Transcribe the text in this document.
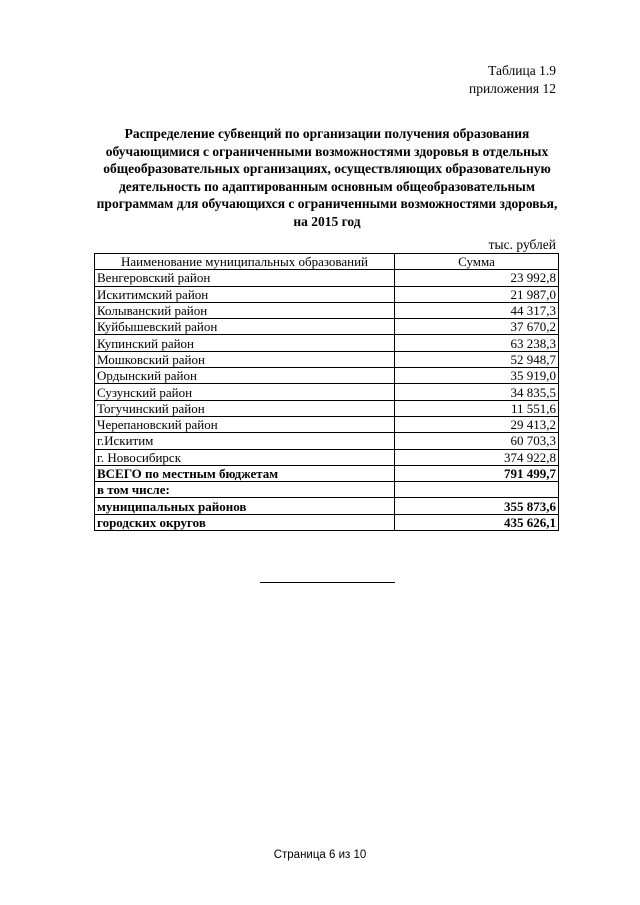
Таблица 1.9
приложения 12
Распределение субвенций по организации получения образования обучающимися с ограниченными возможностями здоровья в отдельных общеобразовательных организациях, осуществляющих образовательную деятельность по адаптированным основным общеобразовательным программам для обучающихся с ограниченными возможностями здоровья, на 2015 год
тыс. рублей
Наименование муниципальных образований	Сумма
Венгеровский район	23 992,8
Искитимский район	21 987,0
Колыванский район	44 317,3
Куйбышевский район	37 670,2
Купинский район	63 238,3
Мошковский район	52 948,7
Ордынский район	35 919,0
Сузунский район	34 835,5
Тогучинский район	11 551,6
Черепановский район	29 413,2
г.Искитим	60 703,3
г. Новосибирск	374 922,8
ВСЕГО по местным бюджетам	791 499,7
в том числе:	
муниципальных районов	355 873,6
городских округов	435 626,1
Страница 6 из 10
